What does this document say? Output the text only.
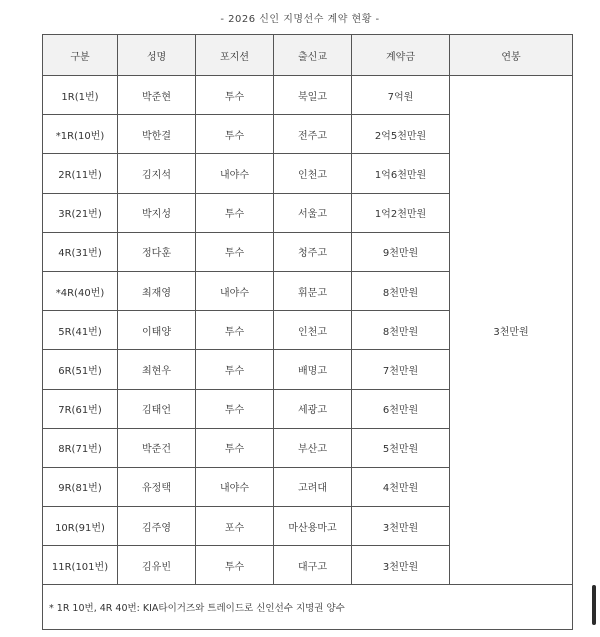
- 2026 신인 지명선수 계약 현황 -
구분	성명	포지션	출신교	계약금	연봉
1R(1번)	박준현	투수	북일고	7억원	3천만원
*1R(10번)	박한결	투수	전주고	2억5천만원	
2R(11번)	김지석	내야수	인천고	1억6천만원	
3R(21번)	박지성	투수	서울고	1억2천만원	
4R(31번)	정다훈	투수	청주고	9천만원	
*4R(40번)	최재영	내야수	휘문고	8천만원	
5R(41번)	이태양	투수	인천고	8천만원	
6R(51번)	최현우	투수	배명고	7천만원	
7R(61번)	김태언	투수	세광고	6천만원	
8R(71번)	박준건	투수	부산고	5천만원	
9R(81번)	유정택	내야수	고려대	4천만원	
10R(91번)	김주영	포수	마산용마고	3천만원	
11R(101번)	김유빈	투수	대구고	3천만원	
* 1R 10번, 4R 40번: KIA타이거즈와 트레이드로 신인선수 지명권 양수					
